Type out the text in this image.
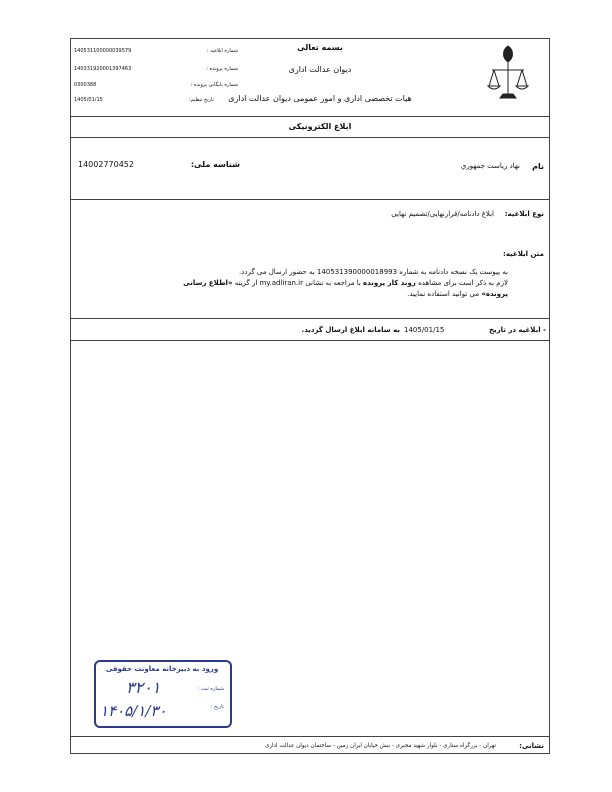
140531100000039579	شماره ابلاغیه :
140331920001397463	شماره پرونده :
0300388	شماره بایگانی پرونده :
1405/01/15	تاریخ تنظیم:
بسمه تعالی
دیوان عدالت اداری
هیات تخصصی اداری و امور عمومی دیوان عدالت اداری
ابلاغ الکترونیکی
نام
نهاد رياست جمهوري
شناسه ملی:
14002770452
نوع ابلاغیه:
ابلاغ دادنامه/قرارنهایی/تصمیم نهایی
متن ابلاغیه:
به پیوست یک نسخه دادنامه به شماره 140531390000018993 به حضور ارسال می گردد.
لازم به ذکر است برای مشاهده روند کار پرونده با مراجعه به نشانی my.adliran.ir از گزینه «اطلاع رسانی
پرونده» می توانید استفاده نمایید.
- ابلاغیه در تاریخ
1405/01/15
به سامانه ابلاغ ارسال گردید.
ورود به دبیرخانه معاونت حقوقی
شماره ثبت :
۳۲۰۱
تاریخ :
۱۴۰۵/۱/۳۰
نشانی:
تهران - بزرگراه ستاری - بلوار شهید مخبری - نبش خیابان ایران زمین - ساختمان دیوان عدالت اداری
